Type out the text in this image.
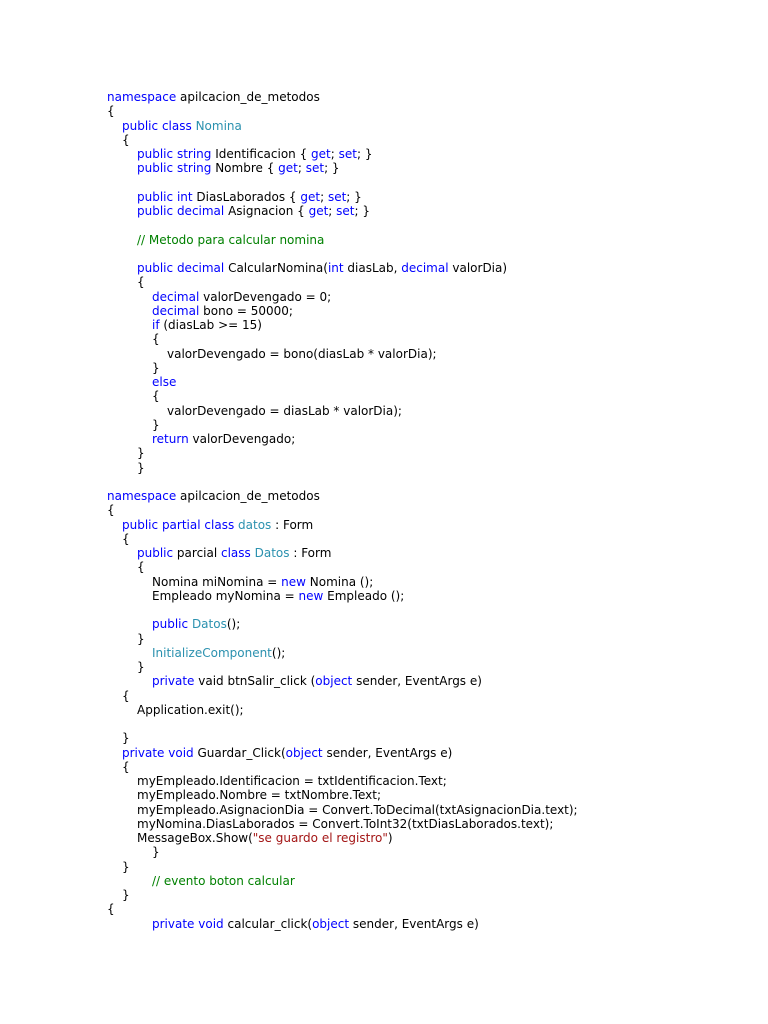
namespace apilcacion_de_metodos
{
public class Nomina
{
public string Identificacion { get; set; }
public string Nombre { get; set; }
public int DiasLaborados { get; set; }
public decimal Asignacion { get; set; }
// Metodo para calcular nomina
public decimal CalcularNomina(int diasLab, decimal valorDia)
{
decimal valorDevengado = 0;
decimal bono = 50000;
if (diasLab >= 15)
{
valorDevengado = bono(diasLab * valorDia);
}
else
{
valorDevengado = diasLab * valorDia);
}
return valorDevengado;
}
}
namespace apilcacion_de_metodos
{
public partial class datos : Form
{
public parcial class Datos : Form
{
Nomina miNomina = new Nomina ();
Empleado myNomina = new Empleado ();
public Datos();
}
InitializeComponent();
}
private vaid btnSalir_click (object sender, EventArgs e)
{
Application.exit();
}
private void Guardar_Click(object sender, EventArgs e)
{
myEmpleado.Identificacion = txtIdentificacion.Text;
myEmpleado.Nombre = txtNombre.Text;
myEmpleado.AsignacionDia = Convert.ToDecimal(txtAsignacionDia.text);
myNomina.DiasLaborados = Convert.ToInt32(txtDiasLaborados.text);
MessageBox.Show("se guardo el registro")
}
}
// evento boton calcular
}
{
private void calcular_click(object sender, EventArgs e)
